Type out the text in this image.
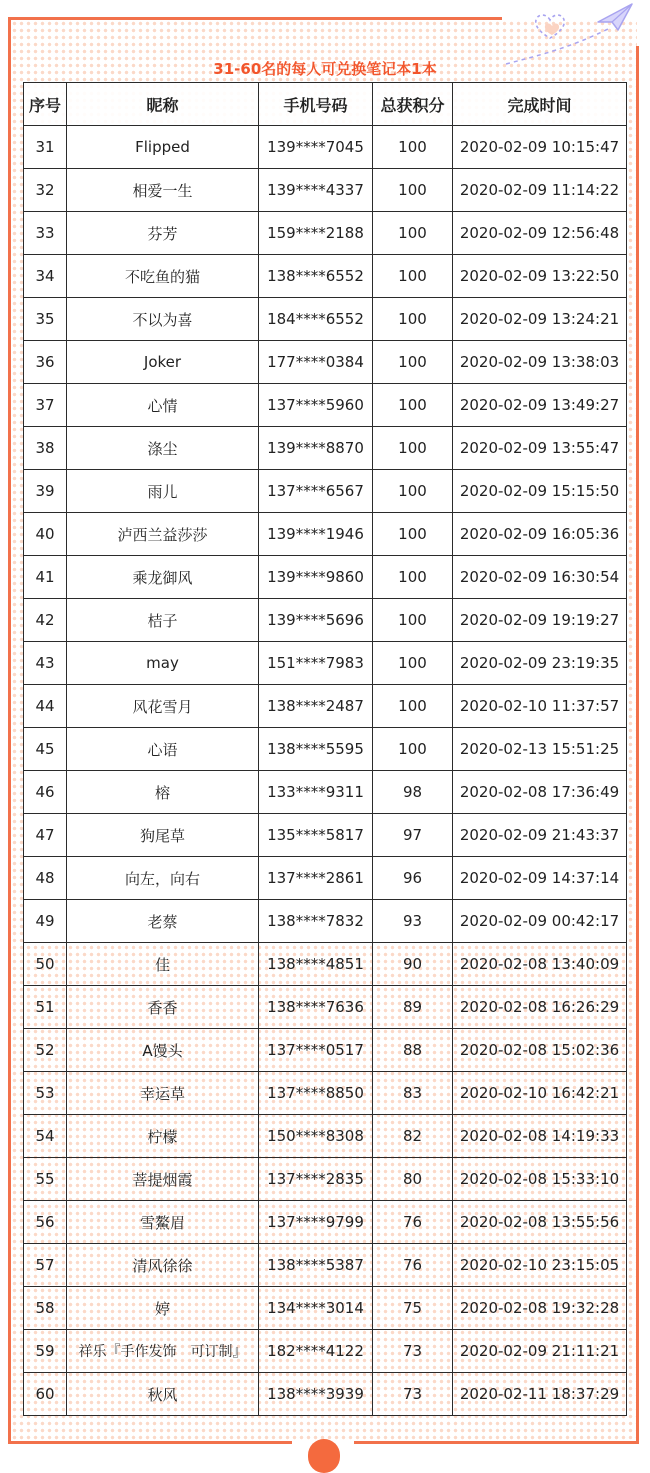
31-60名的每人可兑换笔记本1本
序号	昵称	手机号码	总获积分	完成时间
31	Flipped	139****7045	100	2020-02-09 10:15:47
32	相爱一生	139****4337	100	2020-02-09 11:14:22
33	芬芳	159****2188	100	2020-02-09 12:56:48
34	不吃鱼的猫	138****6552	100	2020-02-09 13:22:50
35	不以为喜	184****6552	100	2020-02-09 13:24:21
36	Joker	177****0384	100	2020-02-09 13:38:03
37	心情	137****5960	100	2020-02-09 13:49:27
38	涤尘	139****8870	100	2020-02-09 13:55:47
39	雨儿	137****6567	100	2020-02-09 15:15:50
40	泸西兰益莎莎	139****1946	100	2020-02-09 16:05:36
41	乘龙御风	139****9860	100	2020-02-09 16:30:54
42	桔子	139****5696	100	2020-02-09 19:19:27
43	may	151****7983	100	2020-02-09 23:19:35
44	风花雪月	138****2487	100	2020-02-10 11:37:57
45	心语	138****5595	100	2020-02-13 15:51:25
46	榕	133****9311	98	2020-02-08 17:36:49
47	狗尾草	135****5817	97	2020-02-09 21:43:37
48	向左，向右	137****2861	96	2020-02-09 14:37:14
49	老蔡	138****7832	93	2020-02-09 00:42:17
50	佳	138****4851	90	2020-02-08 13:40:09
51	香香	138****7636	89	2020-02-08 16:26:29
52	A馒头	137****0517	88	2020-02-08 15:02:36
53	幸运草	137****8850	83	2020-02-10 16:42:21
54	柠檬	150****8308	82	2020-02-08 14:19:33
55	菩提烟霞	137****2835	80	2020-02-08 15:33:10
56	雪鰲眉	137****9799	76	2020-02-08 13:55:56
57	清风徐徐	138****5387	76	2020-02-10 23:15:05
58	婷	134****3014	75	2020-02-08 19:32:28
59	祥乐『手作发饰　可订制』	182****4122	73	2020-02-09 21:11:21
60	秋风	138****3939	73	2020-02-11 18:37:29
